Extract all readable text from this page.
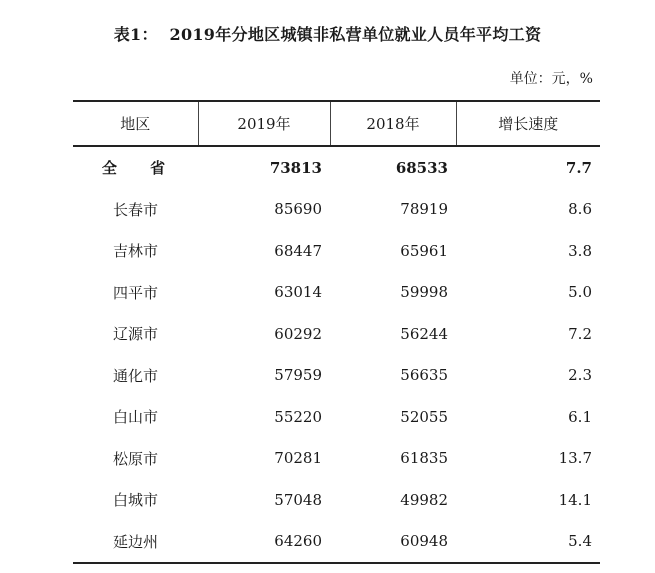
表1：  2019年分地区城镇非私营单位就业人员年平均工资
单位：元，%
地区	2019年	2018年	增长速度
全 省	73813	68533	7.7
长春市	85690	78919	8.6
吉林市	68447	65961	3.8
四平市	63014	59998	5.0
辽源市	60292	56244	7.2
通化市	57959	56635	2.3
白山市	55220	52055	6.1
松原市	70281	61835	13.7
白城市	57048	49982	14.1
延边州	64260	60948	5.4
